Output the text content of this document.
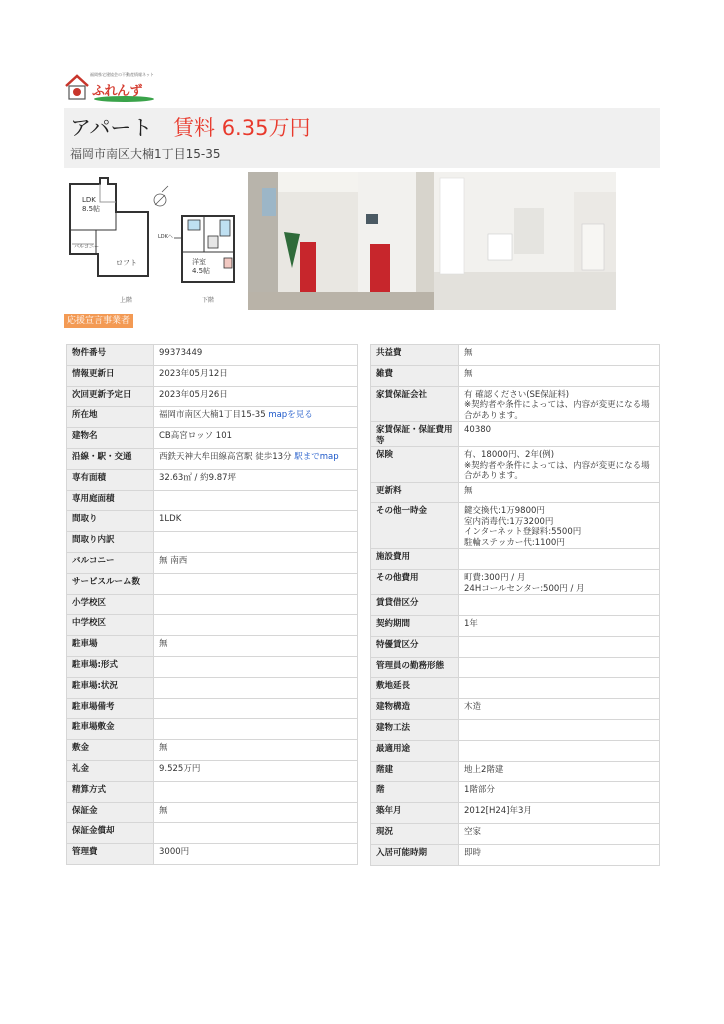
福岡県宅建協会の不動産情報ネット
ふれんず
アパート 賃料 6.35万円
福岡市南区大楠1丁目15-35
LDK
8.5帖
バルコニー
ロフト
LDKへ
洋室
4.5帖
上階	下階
応援宣言事業者
物件番号	99373449
情報更新日	2023年05月12日
次回更新予定日	2023年05月26日
所在地	福岡市南区大楠1丁目15-35 mapを見る
建物名	CB高宮ロッソ 101
沿線・駅・交通	西鉄天神大牟田線高宮駅 徒歩13分 駅までmap
専有面積	32.63㎡ / 約9.87坪
専用庭面積	
間取り	1LDK
間取り内訳	
バルコニー	無 南西
サービスルーム数	
小学校区	
中学校区	
駐車場	無
駐車場:形式	
駐車場:状況	
駐車場備考	
駐車場敷金	
敷金	無
礼金	9.525万円
精算方式	
保証金	無
保証金償却	
管理費	3000円
共益費	無
雑費	無
家賃保証会社	有 確認ください(SE保証料)
※契約者や条件によっては、内容が変更になる場合があります。
家賃保証・保証費用等	40380
保険	有、18000円、2年(例)
※契約者や条件によっては、内容が変更になる場合があります。
更新料	無
その他一時金	鍵交換代:1万9800円
室内消毒代:1万3200円
インターネット登録料:5500円
駐輪ステッカー代:1100円
施設費用	
その他費用	町費:300円 / 月
24Hコールセンター:500円 / 月
賃貸借区分	
契約期間	1年
特優賃区分	
管理員の勤務形態	
敷地延長	
建物構造	木造
建物工法	
最適用途	
階建	地上2階建
階	1階部分
築年月	2012[H24]年3月
現況	空家
入居可能時期	即時
